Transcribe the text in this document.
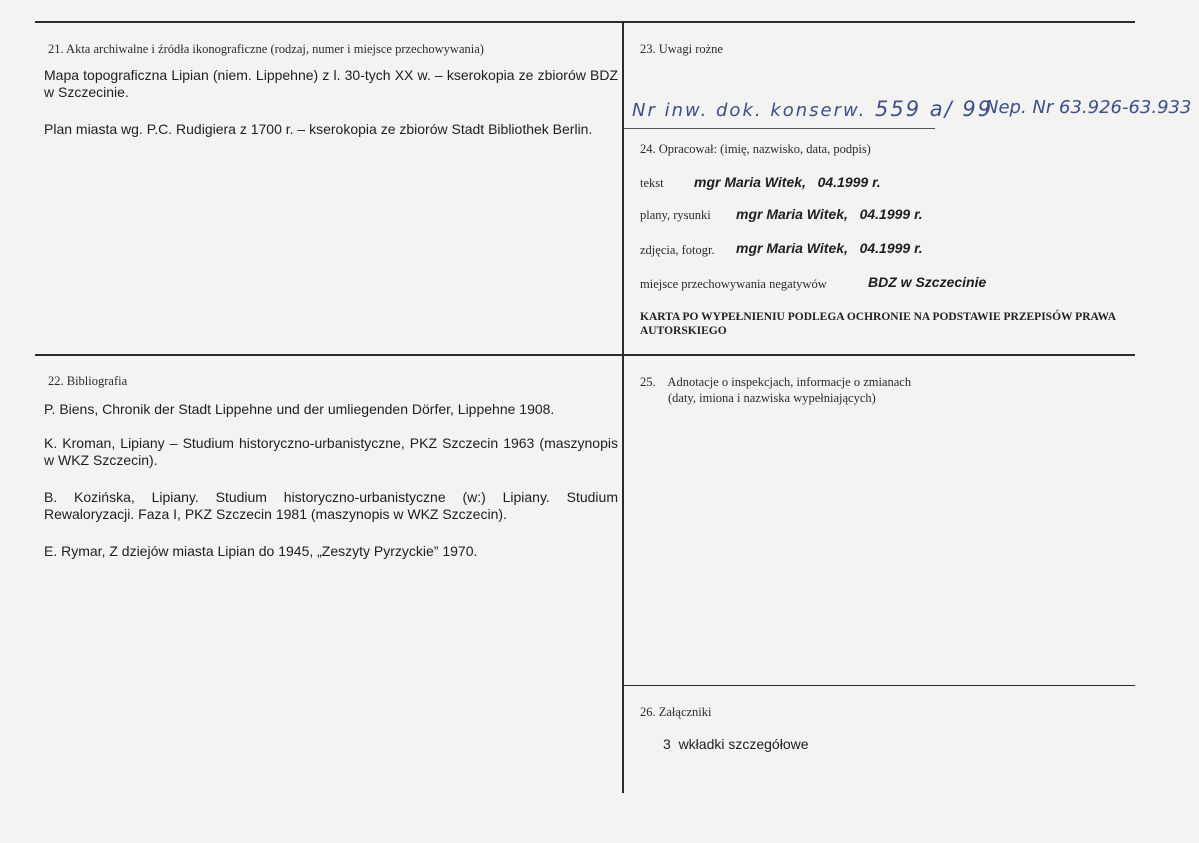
21. Akta archiwalne i źródła ikonograficzne (rodzaj, numer i miejsce przechowywania)
Mapa topograficzna Lipian (niem. Lippehne) z l. 30-tych XX w. – kserokopia ze zbiorów BDZ w Szczecinie.
Plan miasta wg. P.C. Rudigiera z 1700 r. – kserokopia ze zbiorów Stadt Bibliothek Berlin.
22. Bibliografia
P. Biens, Chronik der Stadt Lippehne und der umliegenden Dörfer, Lippehne 1908.
K. Kroman, Lipiany – Studium historyczno-urbanistyczne, PKZ Szczecin 1963 (maszynopis w WKZ Szczecin).
B. Kozińska, Lipiany. Studium historyczno-urbanistyczne (w:) Lipiany. Studium Rewaloryzacji. Faza I, PKZ Szczecin 1981 (maszynopis w WKZ Szczecin).
E. Rymar, Z dziejów miasta Lipian do 1945, „Zeszyty Pyrzyckie” 1970.
23. Uwagi rożne
Nr inw. dok. konserw. 559 a/ 99
Nep. Nr 63.926-63.933
24. Opracował: (imię, nazwisko, data, podpis)
tekst mgr Maria Witek,   04.1999 r.
plany, rysunki mgr Maria Witek,   04.1999 r.
zdjęcia, fotogr. mgr Maria Witek,   04.1999 r.
miejsce przechowywania negatywów	BDZ w Szczecinie
KARTA PO WYPEŁNIENIU PODLEGA OCHRONIE NA PODSTAWIE PRZEPISÓW PRAWA AUTORSKIEGO
25.    Adnotacje o inspekcjach, informacje o zmianach
(daty, imiona i nazwiska wypełniających)
26. Załączniki
3  wkładki szczegółowe
